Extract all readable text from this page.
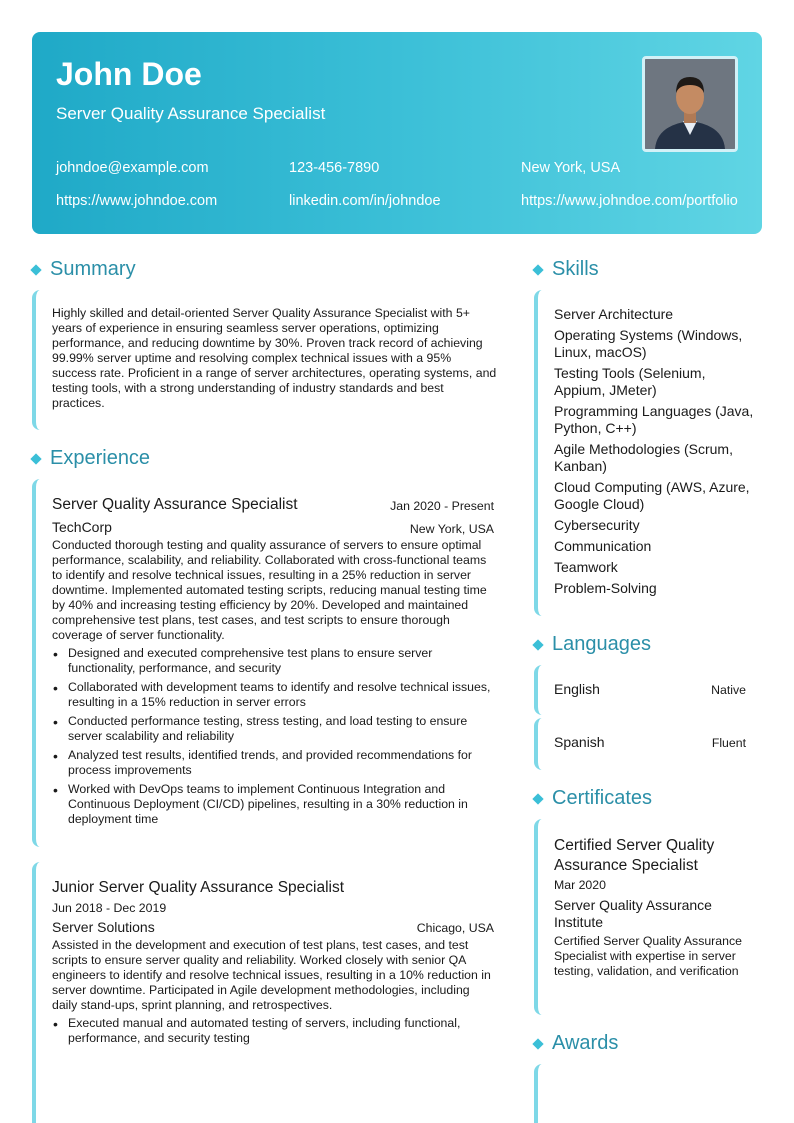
John Doe
Server Quality Assurance Specialist
johndoe@example.com	123-456-7890	New York, USA
https://www.johndoe.com	linkedin.com/in/johndoe	https://www.johndoe.com/portfolio
Summary
Highly skilled and detail-oriented Server Quality Assurance Specialist with 5+ years of experience in ensuring seamless server operations, optimizing performance, and reducing downtime by 30%. Proven track record of achieving 99.99% server uptime and resolving complex technical issues with a 95% success rate. Proficient in a range of server architectures, operating systems, and testing tools, with a strong understanding of industry standards and best practices.
Experience
Server Quality Assurance Specialist	Jan 2020 - Present
TechCorp	New York, USA
Conducted thorough testing and quality assurance of servers to ensure optimal performance, scalability, and reliability. Collaborated with cross-functional teams to identify and resolve technical issues, resulting in a 25% reduction in server downtime. Implemented automated testing scripts, reducing manual testing time by 40% and increasing testing efficiency by 20%. Developed and maintained comprehensive test plans, test cases, and test scripts to ensure thorough coverage of server functionality.
• Designed and executed comprehensive test plans to ensure server functionality, performance, and security
• Collaborated with development teams to identify and resolve technical issues, resulting in a 15% reduction in server errors
• Conducted performance testing, stress testing, and load testing to ensure server scalability and reliability
• Analyzed test results, identified trends, and provided recommendations for process improvements
• Worked with DevOps teams to implement Continuous Integration and Continuous Deployment (CI/CD) pipelines, resulting in a 30% reduction in deployment time
Junior Server Quality Assurance Specialist
Jun 2018 - Dec 2019
Server Solutions	Chicago, USA
Assisted in the development and execution of test plans, test cases, and test scripts to ensure server quality and reliability. Worked closely with senior QA engineers to identify and resolve technical issues, resulting in a 10% reduction in server downtime. Participated in Agile development methodologies, including daily stand-ups, sprint planning, and retrospectives.
• Executed manual and automated testing of servers, including functional, performance, and security testing
Skills
Server Architecture
Operating Systems (Windows, Linux, macOS)
Testing Tools (Selenium, Appium, JMeter)
Programming Languages (Java, Python, C++)
Agile Methodologies (Scrum, Kanban)
Cloud Computing (AWS, Azure, Google Cloud)
Cybersecurity
Communication
Teamwork
Problem-Solving
Languages
English	Native
Spanish	Fluent
Certificates
Certified Server Quality Assurance Specialist
Mar 2020
Server Quality Assurance Institute
Certified Server Quality Assurance Specialist with expertise in server testing, validation, and verification
Awards
